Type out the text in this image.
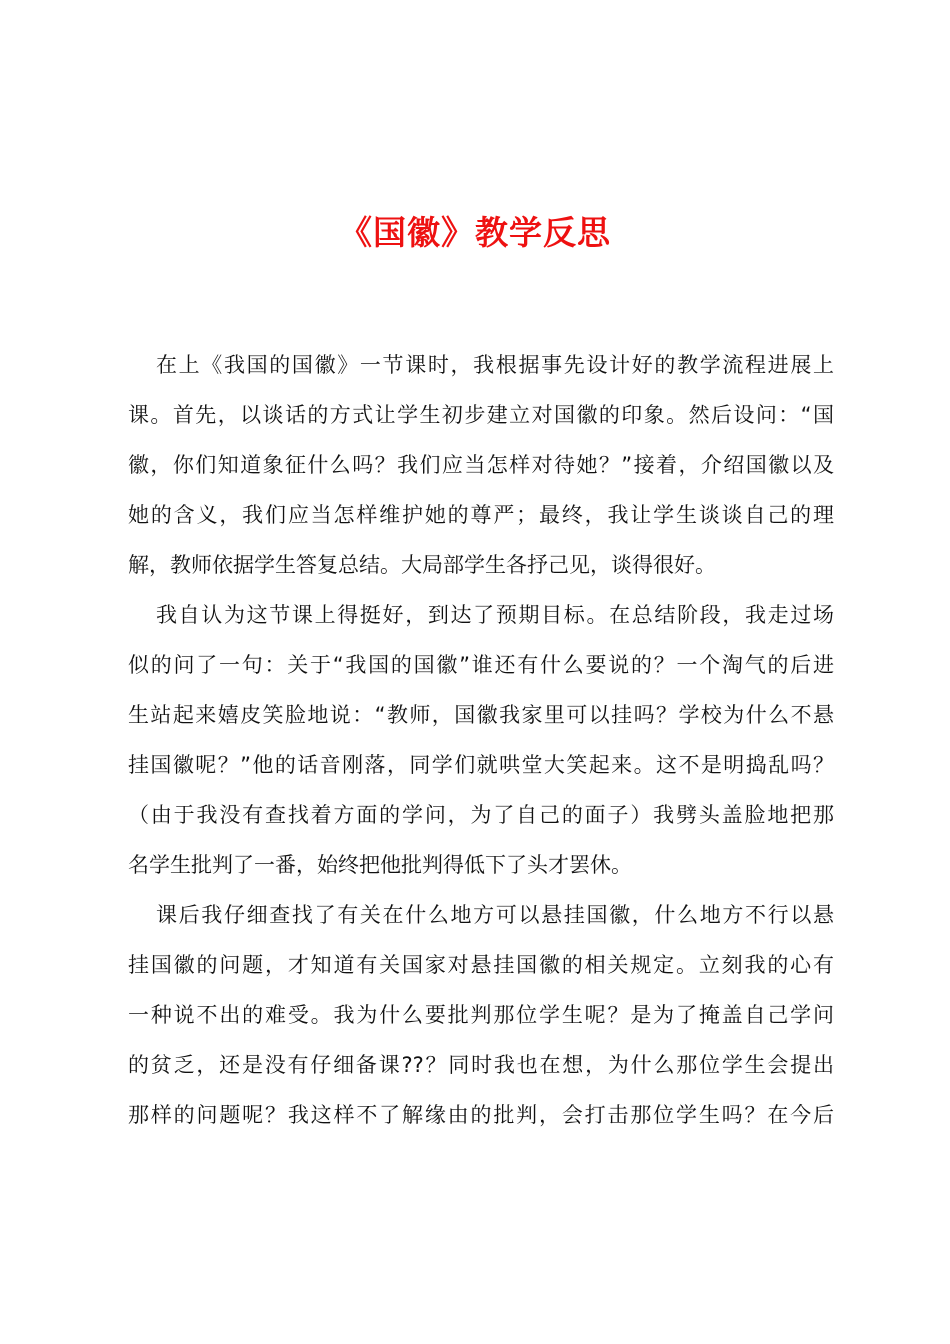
《国徽》教学反思
在上《我国的国徽》一节课时，我根据事先设计好的教学流程进展上
课。首先，以谈话的方式让学生初步建立对国徽的印象。然后设问：“国
徽，你们知道象征什么吗？我们应当怎样对待她？”接着，介绍国徽以及
她的含义，我们应当怎样维护她的尊严；最终，我让学生谈谈自己的理
解，教师依据学生答复总结。大局部学生各抒己见，谈得很好。
我自认为这节课上得挺好，到达了预期目标。在总结阶段，我走过场
似的问了一句：关于“我国的国徽”谁还有什么要说的？一个淘气的后进
生站起来嬉皮笑脸地说：“教师，国徽我家里可以挂吗？学校为什么不悬
挂国徽呢？”他的话音刚落，同学们就哄堂大笑起来。这不是明捣乱吗？
（由于我没有查找着方面的学问，为了自己的面子）我劈头盖脸地把那
名学生批判了一番，始终把他批判得低下了头才罢休。
课后我仔细查找了有关在什么地方可以悬挂国徽，什么地方不行以悬
挂国徽的问题，才知道有关国家对悬挂国徽的相关规定。立刻我的心有
一种说不出的难受。我为什么要批判那位学生呢？是为了掩盖自己学问
的贫乏，还是没有仔细备课??？同时我也在想，为什么那位学生会提出
那样的问题呢？我这样不了解缘由的批判，会打击那位学生吗？在今后
